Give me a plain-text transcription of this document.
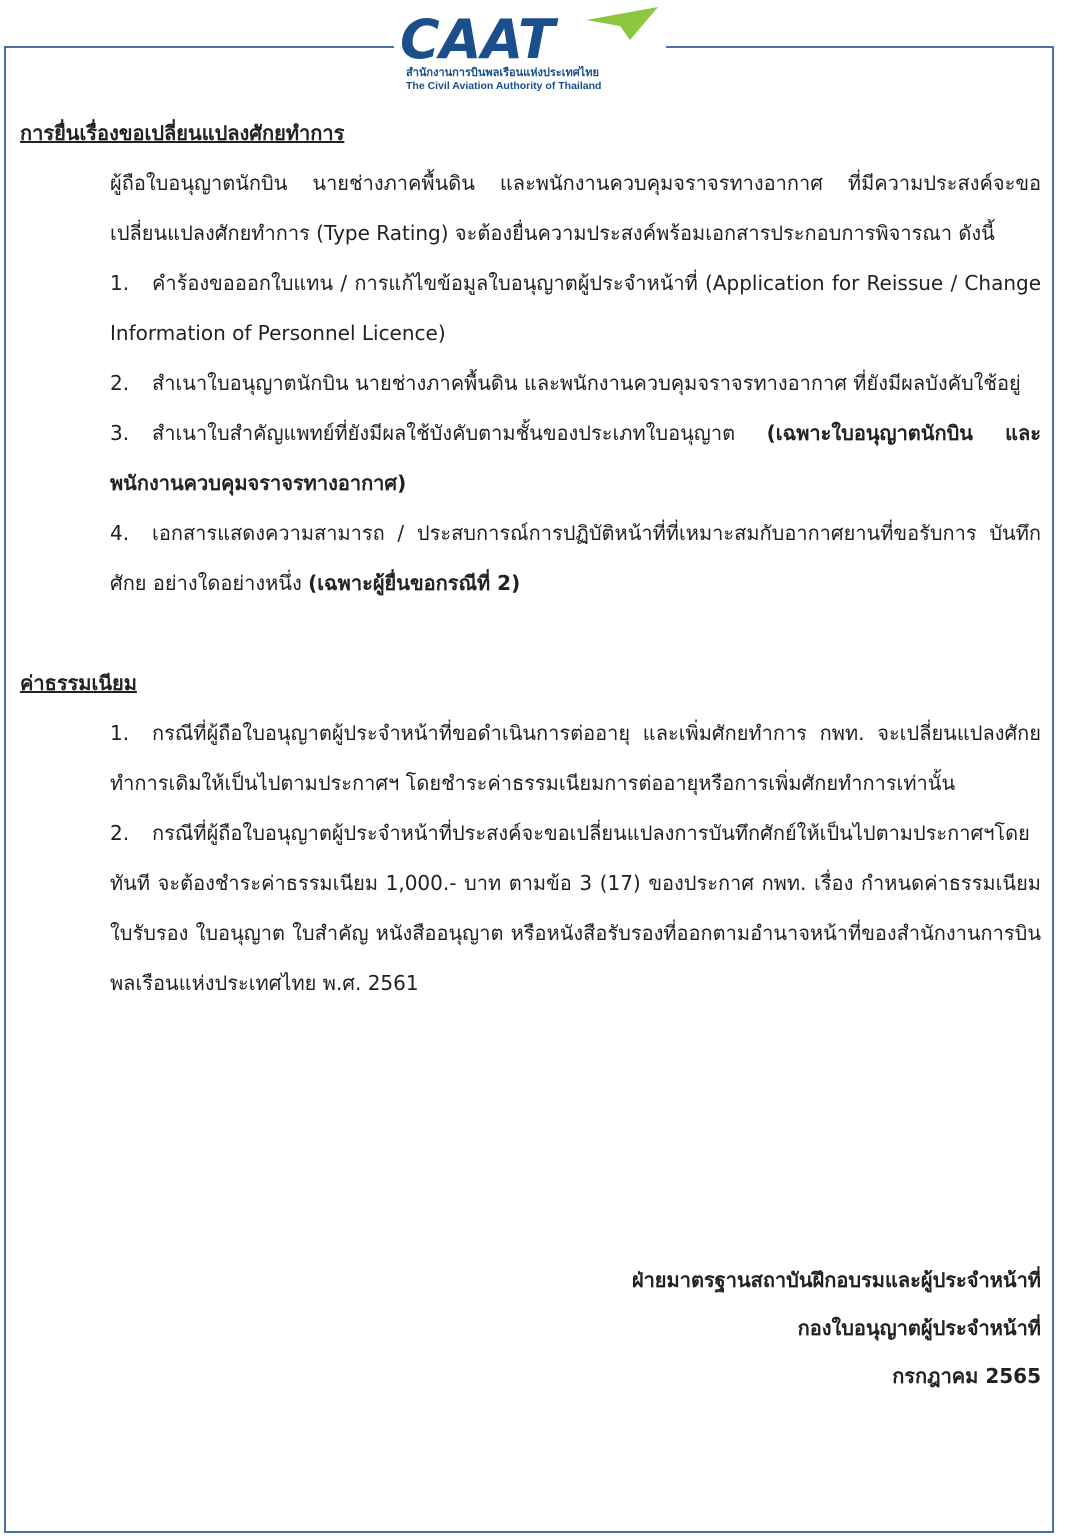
CAAT
สำนักงานการบินพลเรือนแห่งประเทศไทย
The Civil Aviation Authority of Thailand
การยื่นเรื่องขอเปลี่ยนแปลงศักยทำการ
ผู้ถือใบอนุญาตนักบิน นายช่างภาคพื้นดิน และพนักงานควบคุมจราจรทางอากาศ ที่มีความประสงค์จะขอเปลี่ยนแปลงศักยทำการ (Type Rating) จะต้องยื่นความประสงค์พร้อมเอกสารประกอบการพิจารณา ดังนี้
1. คำร้องขอออกใบแทน / การแก้ไขข้อมูลใบอนุญาตผู้ประจำหน้าที่ (Application for Reissue / Change Information of Personnel Licence)
2. สำเนาใบอนุญาตนักบิน นายช่างภาคพื้นดิน และพนักงานควบคุมจราจรทางอากาศ ที่ยังมีผลบังคับใช้อยู่
3. สำเนาใบสำคัญแพทย์ที่ยังมีผลใช้บังคับตามชั้นของประเภทใบอนุญาต (เฉพาะใบอนุญาตนักบิน และพนักงานควบคุมจราจรทางอากาศ)
4. เอกสารแสดงความสามารถ / ประสบการณ์การปฏิบัติหน้าที่ที่เหมาะสมกับอากาศยานที่ขอรับการ บันทึกศักย อย่างใดอย่างหนึ่ง (เฉพาะผู้ยื่นขอกรณีที่ 2)
ค่าธรรมเนียม
1. กรณีที่ผู้ถือใบอนุญาตผู้ประจำหน้าที่ขอดำเนินการต่ออายุ และเพิ่มศักยทำการ กพท. จะเปลี่ยนแปลงศักยทำการเดิมให้เป็นไปตามประกาศฯ โดยชำระค่าธรรมเนียมการต่ออายุหรือการเพิ่มศักยทำการเท่านั้น
2. กรณีที่ผู้ถือใบอนุญาตผู้ประจำหน้าที่ประสงค์จะขอเปลี่ยนแปลงการบันทึกศักย์ให้เป็นไปตามประกาศฯโดยทันที จะต้องชำระค่าธรรมเนียม 1,000.- บาท ตามข้อ 3 (17) ของประกาศ กพท. เรื่อง กำหนดค่าธรรมเนียมใบรับรอง ใบอนุญาต ใบสำคัญ หนังสืออนุญาต หรือหนังสือรับรองที่ออกตามอำนาจหน้าที่ของสำนักงานการบินพลเรือนแห่งประเทศไทย พ.ศ. 2561
ฝ่ายมาตรฐานสถาบันฝึกอบรมและผู้ประจำหน้าที่
กองใบอนุญาตผู้ประจำหน้าที่
กรกฎาคม 2565
